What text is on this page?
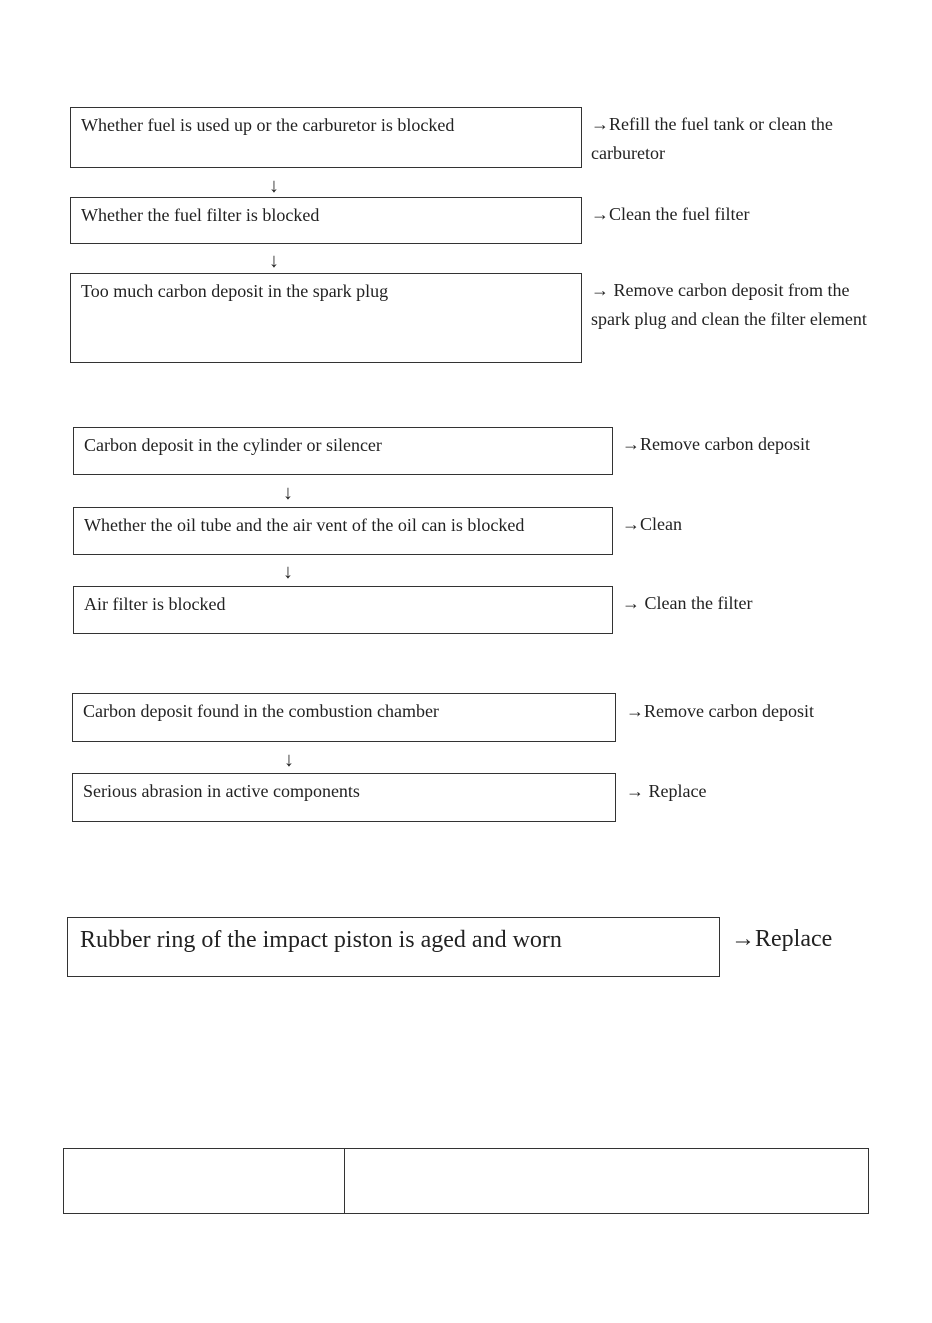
Whether fuel is used up or the carburetor is blocked	→Refill the fuel tank or clean the carburetor
↓
Whether the fuel filter is blocked	→Clean the fuel filter
↓
Too much carbon deposit in the spark plug	→ Remove carbon deposit from the spark plug and clean the filter element
Carbon deposit in the cylinder or silencer	→Remove carbon deposit
↓
Whether the oil tube and the air vent of the oil can is blocked	→Clean
↓
Air filter is blocked	→ Clean the filter
Carbon deposit found in the combustion chamber	→Remove carbon deposit
↓
Serious abrasion in active components	→ Replace
Rubber ring of the impact piston is aged and worn	→Replace
